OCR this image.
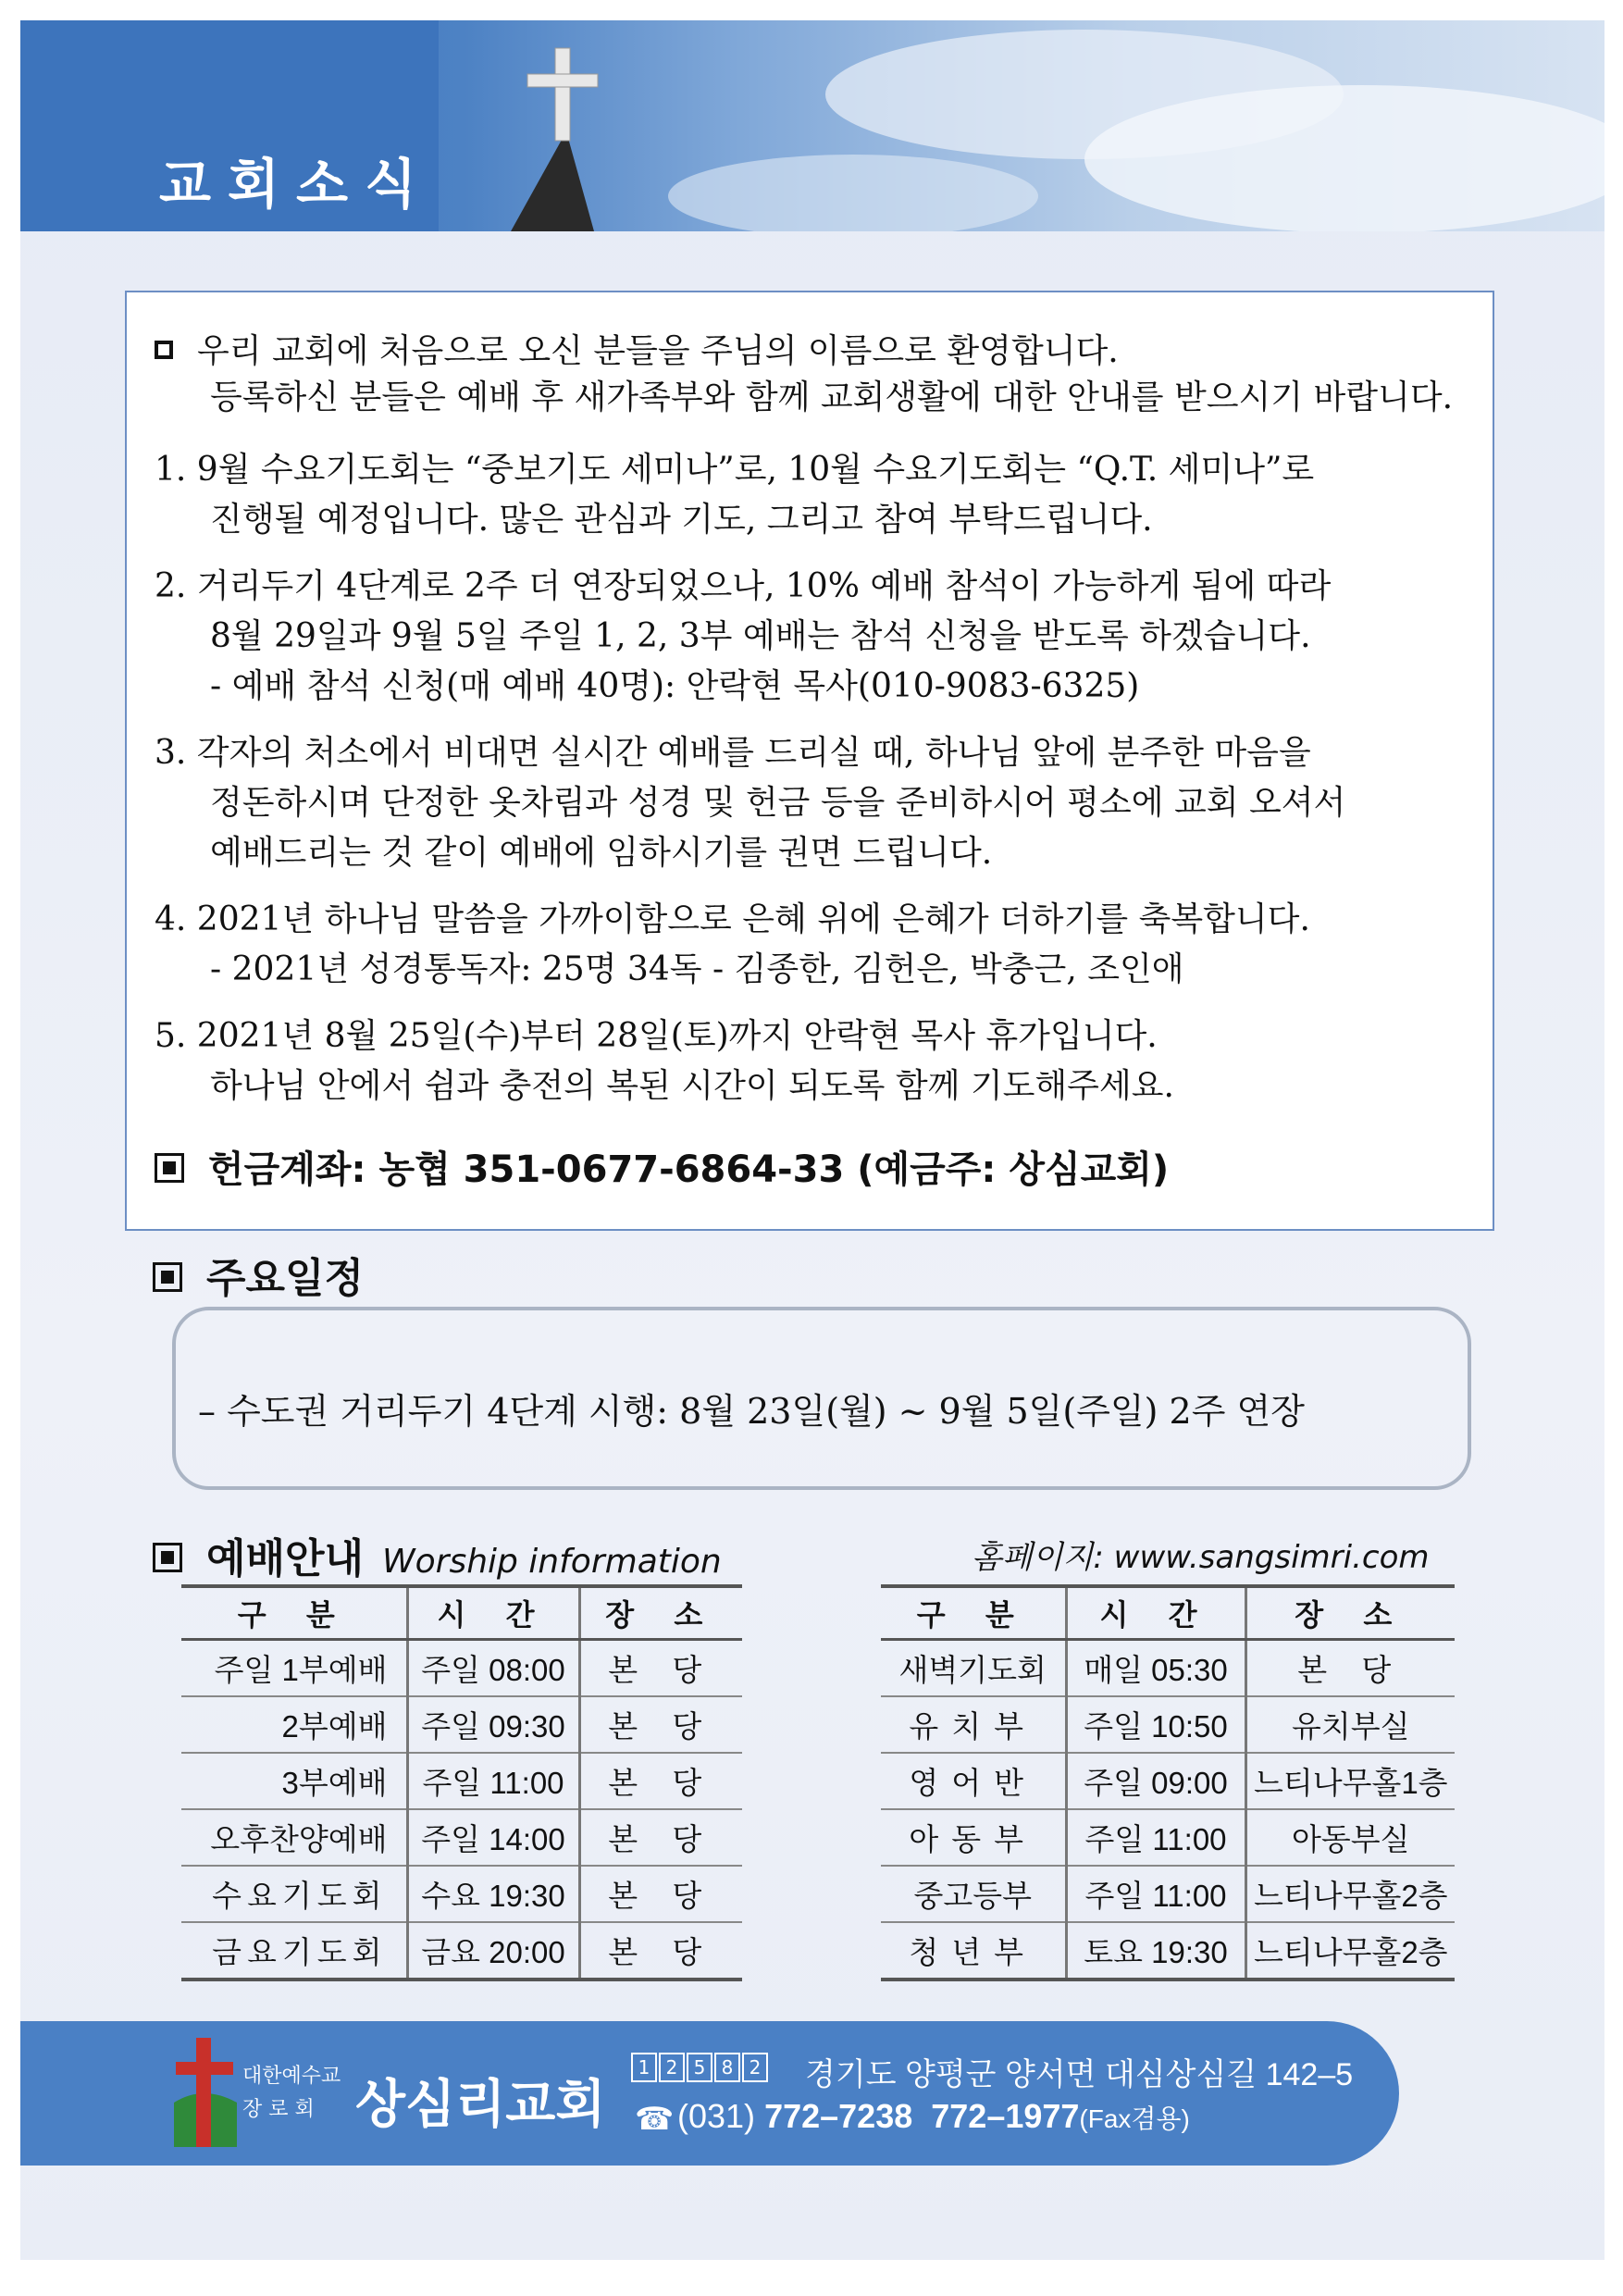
교회소식
우리 교회에 처음으로 오신 분들을 주님의 이름으로 환영합니다.
등록하신 분들은 예배 후 새가족부와 함께 교회생활에 대한 안내를 받으시기 바랍니다.
1. 9월 수요기도회는 “중보기도 세미나”로, 10월 수요기도회는 “Q.T. 세미나”로
진행될 예정입니다. 많은 관심과 기도, 그리고 참여 부탁드립니다.
2. 거리두기 4단계로 2주 더 연장되었으나, 10% 예배 참석이 가능하게 됨에 따라
8월 29일과 9월 5일 주일 1, 2, 3부 예배는 참석 신청을 받도록 하겠습니다.
- 예배 참석 신청(매 예배 40명): 안락현 목사(010-9083-6325)
3. 각자의 처소에서 비대면 실시간 예배를 드리실 때, 하나님 앞에 분주한 마음을
정돈하시며 단정한 옷차림과 성경 및 헌금 등을 준비하시어 평소에 교회 오셔서
예배드리는 것 같이 예배에 임하시기를 권면 드립니다.
4. 2021년 하나님 말씀을 가까이함으로 은혜 위에 은혜가 더하기를 축복합니다.
- 2021년 성경통독자: 25명 34독 - 김종한, 김헌은, 박충근, 조인애
5. 2021년 8월 25일(수)부터 28일(토)까지 안락현 목사 휴가입니다.
하나님 안에서 쉼과 충전의 복된 시간이 되도록 함께 기도해주세요.
헌금계좌: 농협 351-0677-6864-33 (예금주: 상심교회)
주요일정
– 수도권 거리두기 4단계 시행: 8월 23일(월) ~ 9월 5일(주일) 2주 연장
예배안내 Worship information	홈페이지: www.sangsimri.com
구 분	시 간	장 소
주일 1부예배	주일 08:00	본 당
2부예배	주일 09:30	본 당
3부예배	주일 11:00	본 당
오후찬양예배	주일 14:00	본 당
수요기도회	수요 19:30	본 당
금요기도회	금요 20:00	본 당
구 분	시 간	장 소
새벽기도회	매일 05:30	본 당
유치부	주일 10:50	유치부실
영어반	주일 09:00	느티나무홀1층
아동부	주일 11:00	아동부실
중고등부	주일 11:00	느티나무홀2층
청년부	토요 19:30	느티나무홀2층
대한예수교
장 로 회 상심리교회
1 2 5 8 2 경기도 양평군 양서면 대심상심길 142–5
☎ (031) 772–7238 772–1977(Fax겸용)
